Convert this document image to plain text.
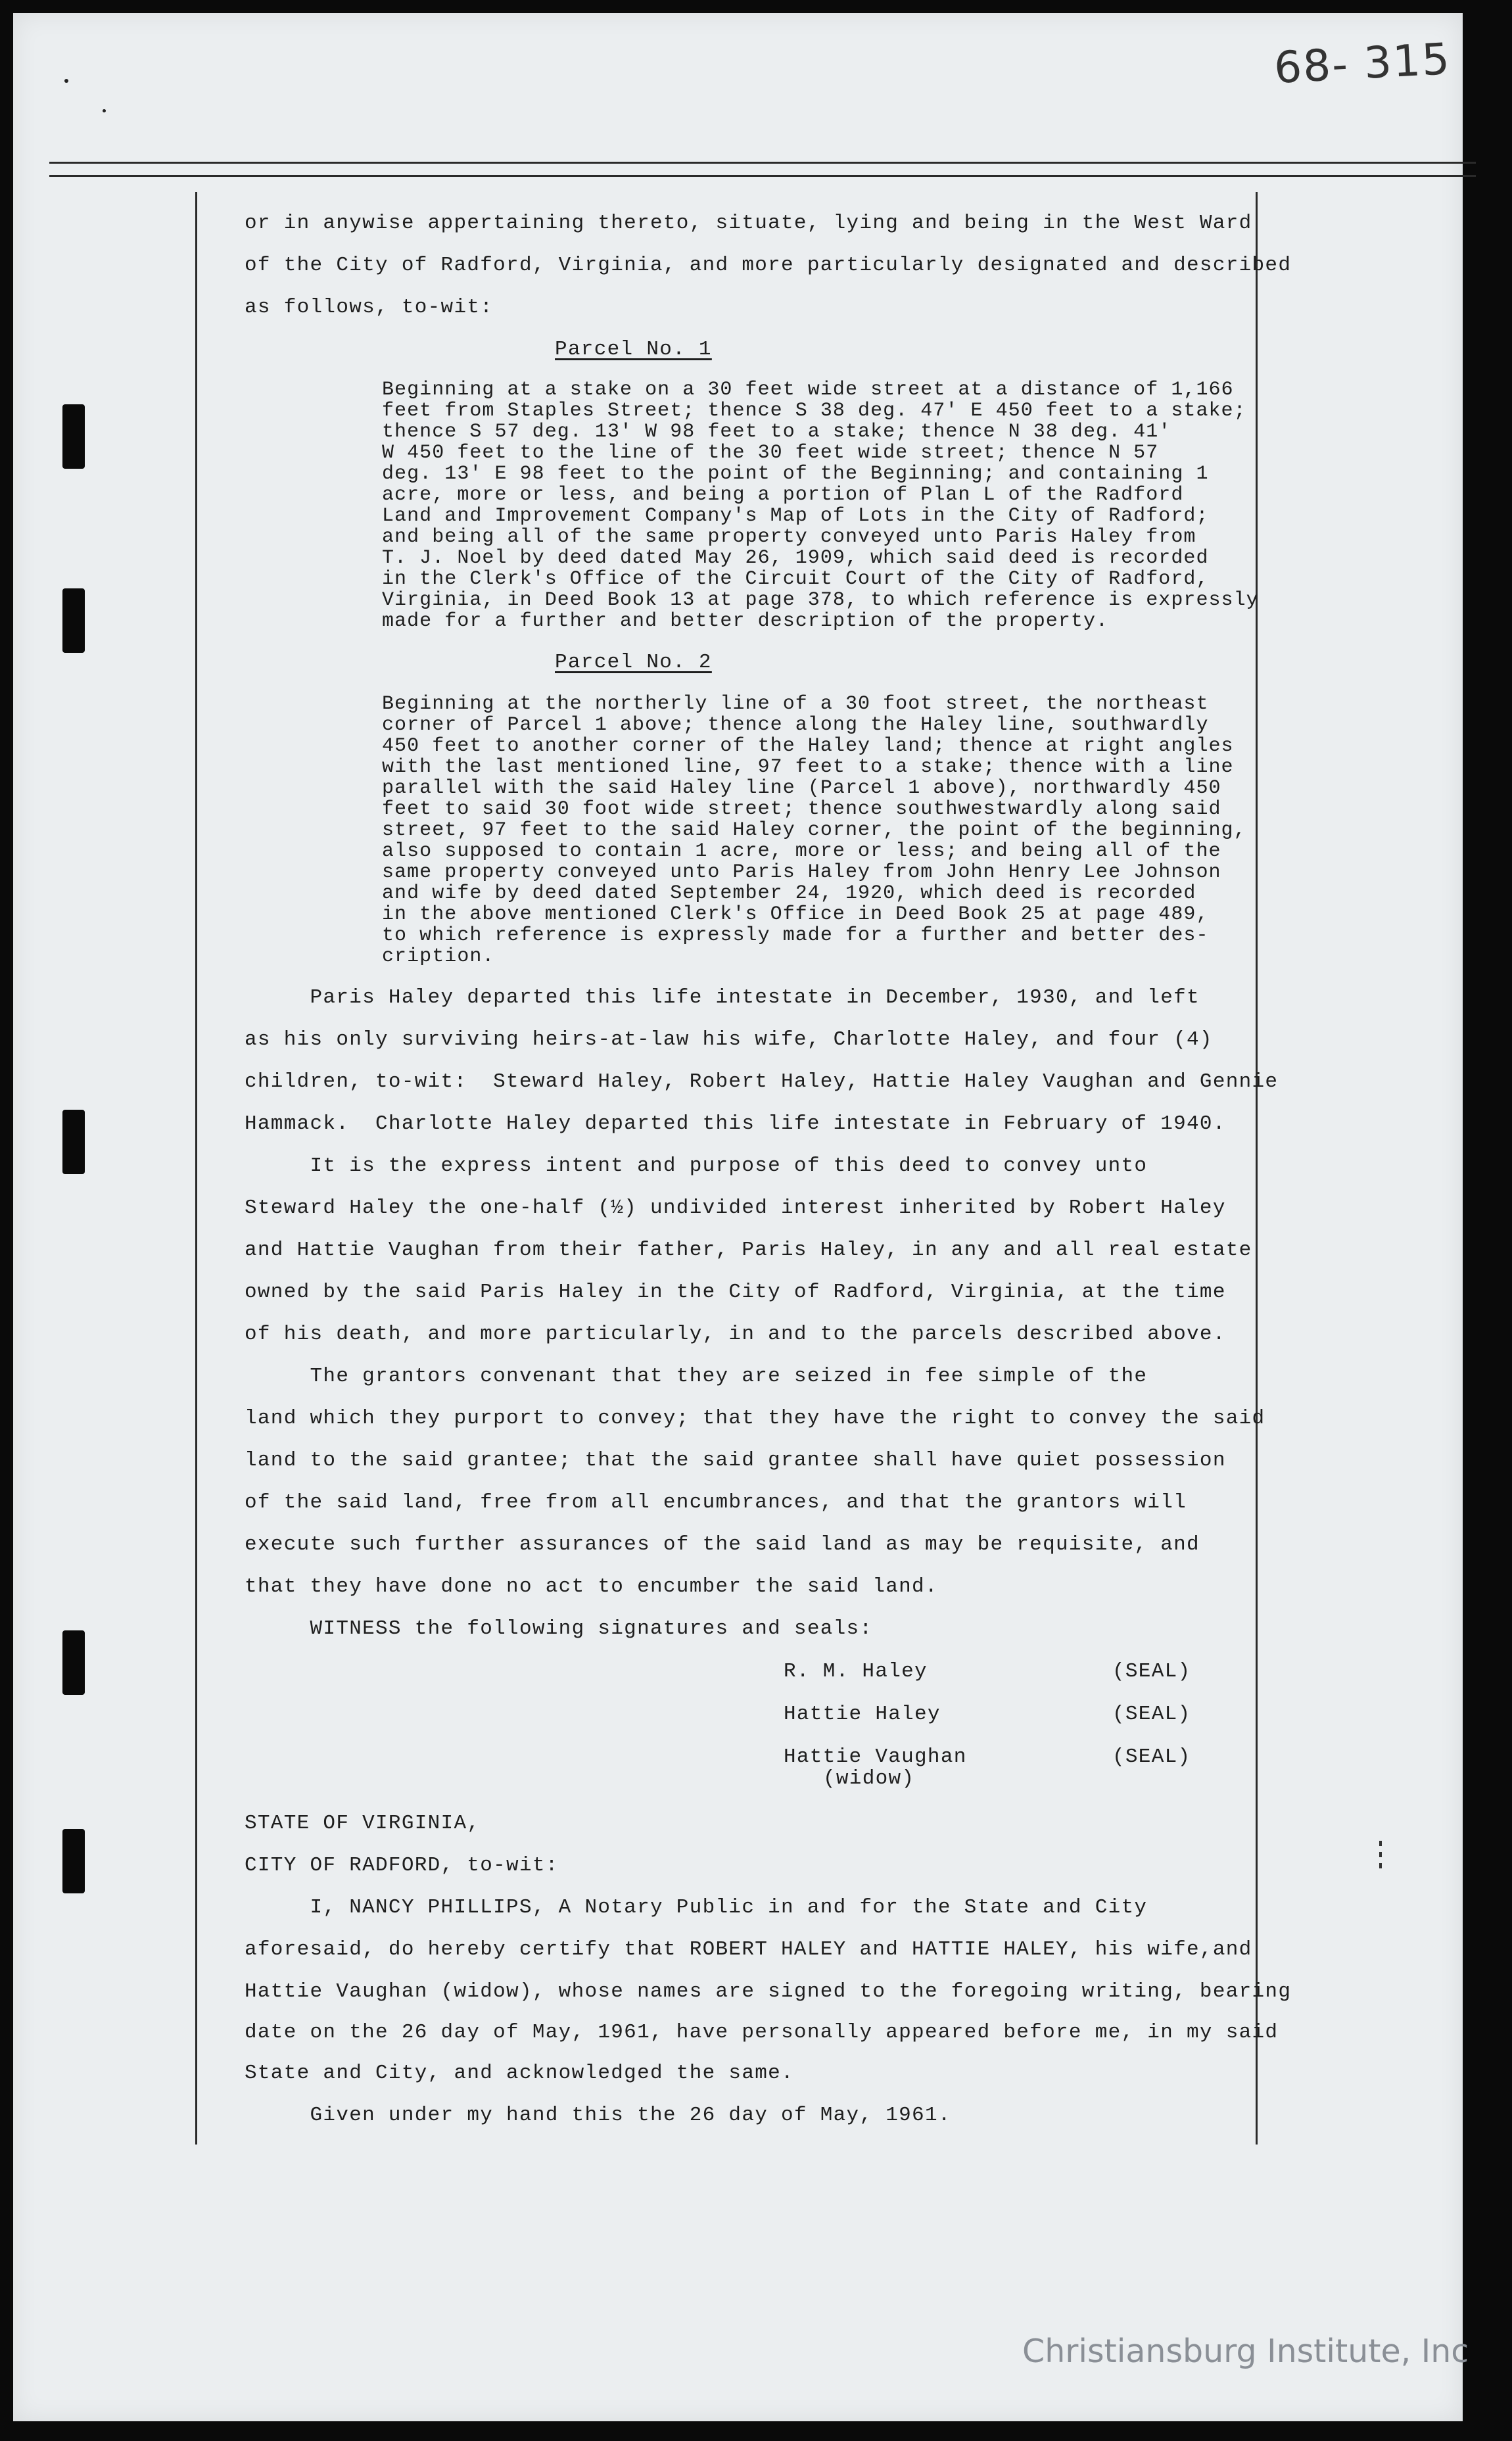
68- 315

or in anywise appertaining thereto, situate, lying and being in the West Ward

of the City of Radford, Virginia, and more particularly designated and described

as follows, to-wit:

Parcel No. 1

Beginning at a stake on a 30 feet wide street at a distance of 1,166

feet from Staples Street; thence S 38 deg. 47' E 450 feet to a stake;

thence S 57 deg. 13' W 98 feet to a stake; thence N 38 deg. 41'

W 450 feet to the line of the 30 feet wide street; thence N 57

deg. 13' E 98 feet to the point of the Beginning; and containing 1

acre, more or less, and being a portion of Plan L of the Radford

Land and Improvement Company's Map of Lots in the City of Radford;

and being all of the same property conveyed unto Paris Haley from

T. J. Noel by deed dated May 26, 1909, which said deed is recorded

in the Clerk's Office of the Circuit Court of the City of Radford,

Virginia, in Deed Book 13 at page 378, to which reference is expressly

made for a further and better description of the property.

Parcel No. 2

Beginning at the northerly line of a 30 foot street, the northeast

corner of Parcel 1 above; thence along the Haley line, southwardly

450 feet to another corner of the Haley land; thence at right angles

with the last mentioned line, 97 feet to a stake; thence with a line

parallel with the said Haley line (Parcel 1 above), northwardly 450

feet to said 30 foot wide street; thence southwestwardly along said

street, 97 feet to the said Haley corner, the point of the beginning,

also supposed to contain 1 acre, more or less; and being all of the

same property conveyed unto Paris Haley from John Henry Lee Johnson

and wife by deed dated September 24, 1920, which deed is recorded

in the above mentioned Clerk's Office in Deed Book 25 at page 489,

to which reference is expressly made for a further and better des-

cription.

Paris Haley departed this life intestate in December, 1930, and left

as his only surviving heirs-at-law his wife, Charlotte Haley, and four (4)

children, to-wit:  Steward Haley, Robert Haley, Hattie Haley Vaughan and Gennie

Hammack.  Charlotte Haley departed this life intestate in February of 1940.

It is the express intent and purpose of this deed to convey unto

Steward Haley the one-half (½) undivided interest inherited by Robert Haley

and Hattie Vaughan from their father, Paris Haley, in any and all real estate

owned by the said Paris Haley in the City of Radford, Virginia, at the time

of his death, and more particularly, in and to the parcels described above.

The grantors convenant that they are seized in fee simple of the

land which they purport to convey; that they have the right to convey the said

land to the said grantee; that the said grantee shall have quiet possession

of the said land, free from all encumbrances, and that the grantors will

execute such further assurances of the said land as may be requisite, and

that they have done no act to encumber the said land.

WITNESS the following signatures and seals:

R. M. Haley	(SEAL)

Hattie Haley	(SEAL)

Hattie Vaughan

(widow)

(SEAL)

STATE OF VIRGINIA,

CITY OF RADFORD, to-wit:

I, NANCY PHILLIPS, A Notary Public in and for the State and City

aforesaid, do hereby certify that ROBERT HALEY and HATTIE HALEY, his wife,and

Hattie Vaughan (widow), whose names are signed to the foregoing writing, bearing

date on the 26 day of May, 1961, have personally appeared before me, in my said

State and City, and acknowledged the same.

Given under my hand this the 26 day of May, 1961.

Christiansburg Institute, Inc
